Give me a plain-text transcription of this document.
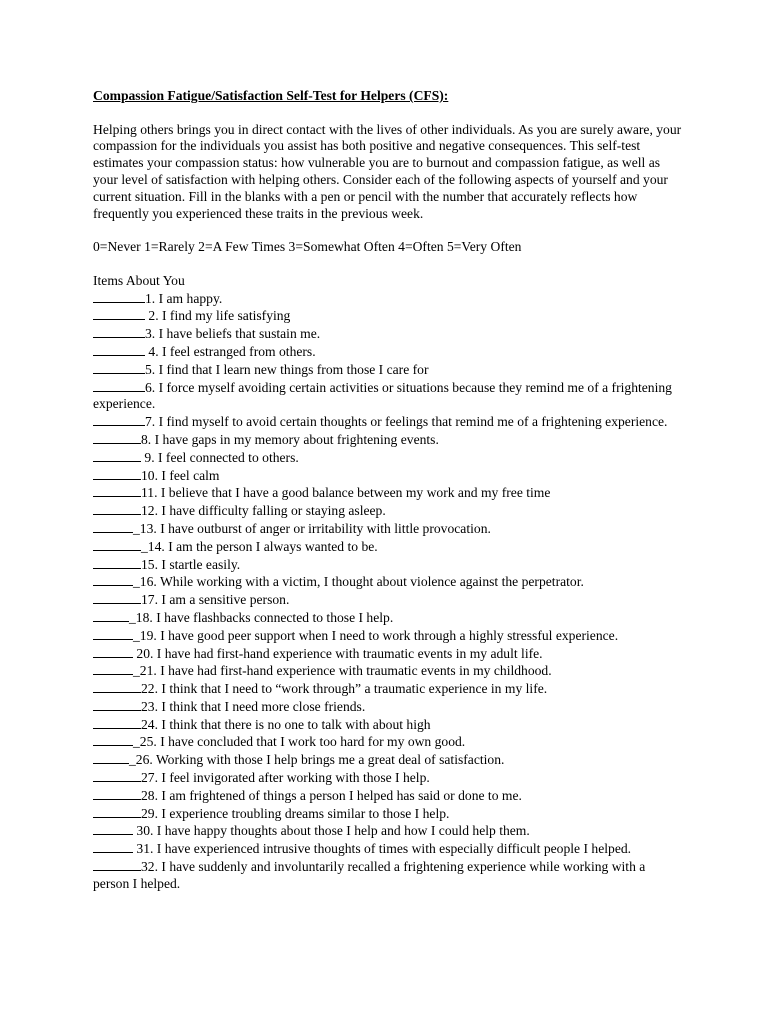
Compassion Fatigue/Satisfaction Self-Test for Helpers (CFS):

Helping others brings you in direct contact with the lives of other individuals. As you are surely aware, your compassion for the individuals you assist has both positive and negative consequences. This self-test estimates your compassion status: how vulnerable you are to burnout and compassion fatigue, as well as your level of satisfaction with helping others. Consider each of the following aspects of yourself and your current situation. Fill in the blanks with a pen or pencil with the number that accurately reflects how frequently you experienced these traits in the previous week.

0=Never 1=Rarely 2=A Few Times 3=Somewhat Often 4=Often 5=Very Often

Items About You

1. I am happy.

2. I find my life satisfying

3. I have beliefs that sustain me.

4. I feel estranged from others.

5. I find that I learn new things from those I care for

6. I force myself avoiding certain activities or situations because they remind me of a frightening experience.

7. I find myself to avoid certain thoughts or feelings that remind me of a frightening experience.

8. I have gaps in my memory about frightening events.

9. I feel connected to others.

10. I feel calm

11. I believe that I have a good balance between my work and my free time

12. I have difficulty falling or staying asleep.

_13. I have outburst of anger or irritability with little provocation.

_14. I am the person I always wanted to be.

15. I startle easily.

_16. While working with a victim, I thought about violence against the perpetrator.

17. I am a sensitive person.

_18. I have flashbacks connected to those I help.

_19. I have good peer support when I need to work through a highly stressful experience.

20. I have had first-hand experience with traumatic events in my adult life.

_21. I have had first-hand experience with traumatic events in my childhood.

22. I think that I need to “work through” a traumatic experience in my life.

23. I think that I need more close friends.

24. I think that there is no one to talk with about high

_25. I have concluded that I work too hard for my own good.

_26. Working with those I help brings me a great deal of satisfaction.

27. I feel invigorated after working with those I help.

28. I am frightened of things a person I helped has said or done to me.

29. I experience troubling dreams similar to those I help.

30. I have happy thoughts about those I help and how I could help them.

31. I have experienced intrusive thoughts of times with especially difficult people I helped.

32. I have suddenly and involuntarily recalled a frightening experience while working with a person I helped.
